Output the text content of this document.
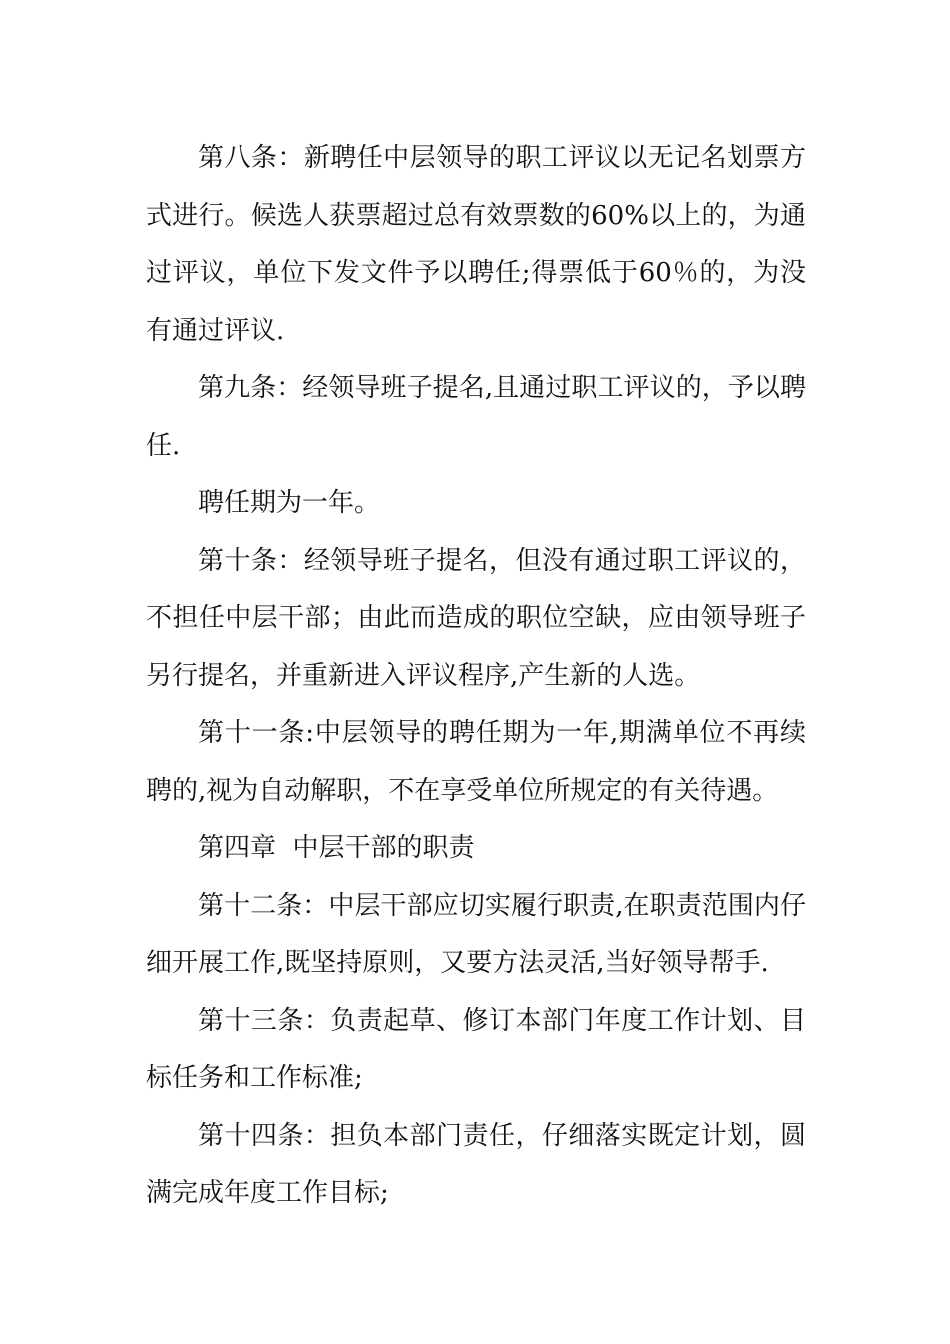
第八条：新聘任中层领导的职工评议以无记名划票方式进行。候选人获票超过总有效票数的60%以上的，为通过评议，单位下发文件予以聘任;得票低于60％的，为没有通过评议.

第九条：经领导班子提名,且通过职工评议的，予以聘任.

聘任期为一年。

第十条：经领导班子提名，但没有通过职工评议的，不担任中层干部；由此而造成的职位空缺，应由领导班子另行提名，并重新进入评议程序,产生新的人选。

第十一条:中层领导的聘任期为一年,期满单位不再续聘的,视为自动解职，不在享受单位所规定的有关待遇。

第四章  中层干部的职责

第十二条：中层干部应切实履行职责,在职责范围内仔细开展工作,既坚持原则，又要方法灵活,当好领导帮手.

第十三条：负责起草、修订本部门年度工作计划、目标任务和工作标准;

第十四条：担负本部门责任，仔细落实既定计划，圆满完成年度工作目标;
